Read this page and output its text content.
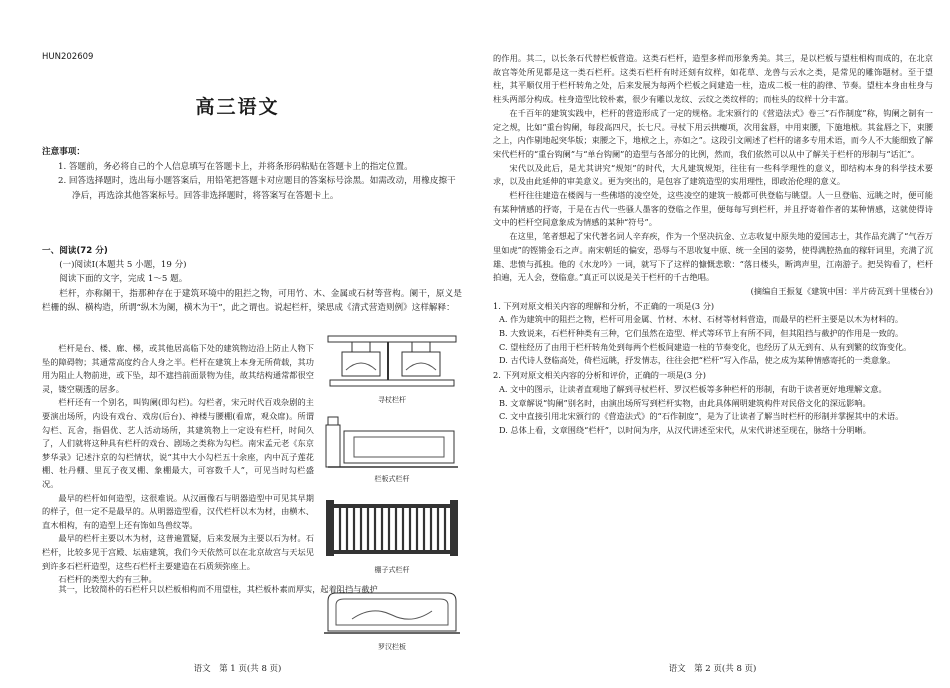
HUN202609
高三语文
注意事项：
1. 答题前，务必将自己的个人信息填写在答题卡上，并将条形码粘贴在答题卡上的指定位置。
2. 回答选择题时，选出每小题答案后，用铅笔把答题卡对应题目的答案标号涂黑。如需改动，用橡皮擦干净后，再选涂其他答案标号。回答非选择题时，将答案写在答题卡上。
一、阅读(72 分)
(一)阅读Ⅰ(本题共 5 小题，19 分)
阅读下面的文字，完成 1～5 题。

栏杆，亦称阑干，指那种存在于建筑环境中的阻拦之物，可用竹、木、金属或石材等营构。阑干，原义是栏栅的纵、横构造，所谓“纵木为阑，横木为干”，此之谓也。说起栏杆，梁思成《清式营造则例》这样解释：

栏杆是台、楼、廊、梯，或其他居高临下处的建筑物边沿上防止人物下坠的障碍物；其通常高度约合人身之半。栏杆在建筑上本身无所荷载，其功用为阻止人物前进，或下坠，却不遮挡前面景物为佳，故其结构通常都很空灵，镂空剔透的居多。

栏杆还有一个别名，叫钩阑(即勾栏)。勾栏者，宋元时代百戏杂剧的主要演出场所，内设有戏台、戏房(后台)、神楼与腰棚(看席，观众席)。所谓勾栏、瓦舍，指倡优、艺人活动场所，其建筑物上一定设有栏杆，时间久了，人们就将这种具有栏杆的戏台、剧场之类称为勾栏。南宋孟元老《东京梦华录》记述汴京的勾栏情状，说“其中大小勾栏五十余座，内中瓦子莲花棚、牡丹棚、里瓦子夜叉棚、象棚最大，可容数千人”，可见当时勾栏盛况。

最早的栏杆如何造型，这很难说。从汉画像石与明器造型中可见其早期的样子，但一定不是最早的。从明器造型看，汉代栏杆以木为材，由横木、直木相构，有的造型上还有饰如鸟兽纹等。

最早的栏杆主要以木为材，这普遍置疑，后来发展为主要以石为材。石栏杆，比较多见于宫殿、坛庙建筑，我们今天依然可以在北京故宫与天坛见到许多石栏杆造型，这些石栏杆主要建造在石质须弥座上。

石栏杆的类型大约有三种。

寻杖栏杆
栏板式栏杆
棚子式栏杆
罗汉栏板

其一，比较简朴的石栏杆只以栏板相构而不用望柱，其栏板朴素而厚实，起着阻挡与截护

语文　第 1 页(共 8 页)	语文　第 2 页(共 8 页)

的作用。其二，以长条石代替栏板营造。这类石栏杆，造型多样而形象秀美。其三，是以栏板与望柱相构而成的，在北京故宫等处所见都是这一类石栏杆。这类石栏杆有时还刻有纹样，如花草、龙兽与云水之类，是常见的雕饰题材。至于望柱，其平顺仅用于栏杆转角之处，后来发展为每两个栏板之间建造一柱，造成二板一柱的韵律、节奏。望柱本身由柱身与柱头两部分构成。柱身造型比较朴素，很少有雕以龙纹、云纹之类纹样的；而柱头的纹样十分丰富。

在千百年的建筑实践中，栏杆的营造形成了一定的规格。北宋颁行的《营造法式》卷三“石作制度”称，钩阑之制有一定之规，比如“重台钩阑，每段高四尺，长七尺。寻杖下用云拱瘿项，次用盆唇，中用束腰，下施地栿。其盆唇之下，束腰之上，内作剔地起突华版；束腰之下，地栿之上，亦如之”。这段引文阐述了栏杆的诸多专用术语，而今人不大能细致了解宋代栏杆的“重台钩阑”与“单台钩阑”的造型与各部分的比例，然而，我们依然可以从中了解关于栏杆的形制与“话汇”。

宋代以及此后，是尤其讲究“规矩”的时代，大凡建筑规矩，往往有一些科学理性的意义，即结构本身的科学技术要求，以及由此延伸的审美意义。更为突出的，是包容了建筑造型的实用理性，即政治伦理的意义。

栏杆往往建造在楼阁与一些佛塔的凌空处，这些凌空的建筑一般都可供登临与眺望。人一旦登临、远眺之时，便可能有某种情感的抒寄，于是在古代一些骚人墨客的登临之作里，便每每写到栏杆，并且抒寄着作者的某种情感，这就使得诗文中的栏杆空间意象成为情感的某种“符号”。

在这里，笔者想起了宋代著名词人辛弃疾，作为一个坚决抗金、立志收复中原失地的爱国志士，其作品充满了“气吞万里如虎”的铿锵金石之声。南宋朝廷的偏安，恐辱与不思收复中原、统一全国的姿势，使得满腔热血的稼轩词里，充满了沉雄、悲愤与孤独。他的《水龙吟》一词，就写下了这样的慷慨悲歌：“落日楼头，断鸿声里，江南游子。把吴钩看了，栏杆拍遍，无人会，登临意。”真正可以说是关于栏杆的千古绝唱。

(摘编自王振复《建筑中国：半片砖瓦到十里楼台》)

1. 下列对原文相关内容的理解和分析，不正确的一项是(3 分)

A. 作为建筑中的阻拦之物，栏杆可用金属、竹材、木材、石材等材料营造，而最早的栏杆主要是以木为材料的。

B. 大致说来，石栏杆种类有三种，它们虽然在造型、样式等环节上有所不同，但其阻挡与截护的作用是一致的。

C. 望柱经历了由用于栏杆转角处到每两个栏板间建造一柱的节奏变化，也经历了从无到有、从有到繁的纹饰变化。

D. 古代诗人登临高处，倚栏远眺，抒发情志，往往会把“栏杆”写入作品，使之成为某种情感寄托的一类意象。

2. 下列对原文相关内容的分析和评价，正确的一项是(3 分)

A. 文中的图示，让读者直观地了解到寻杖栏杆、罗汉栏板等多种栏杆的形制，有助于读者更好地理解文意。

B. 文章解说“钩阑”别名时，由演出场所写到栏杆实物，由此具体阐明建筑构件对民俗文化的深远影响。

C. 文中直接引用北宋颁行的《营造法式》的“石作制度”，是为了让读者了解当时栏杆的形制并掌握其中的术语。

D. 总体上看，文章围绕“栏杆”，以时间为序，从汉代讲述至宋代，从宋代讲述至现在，脉络十分明晰。
